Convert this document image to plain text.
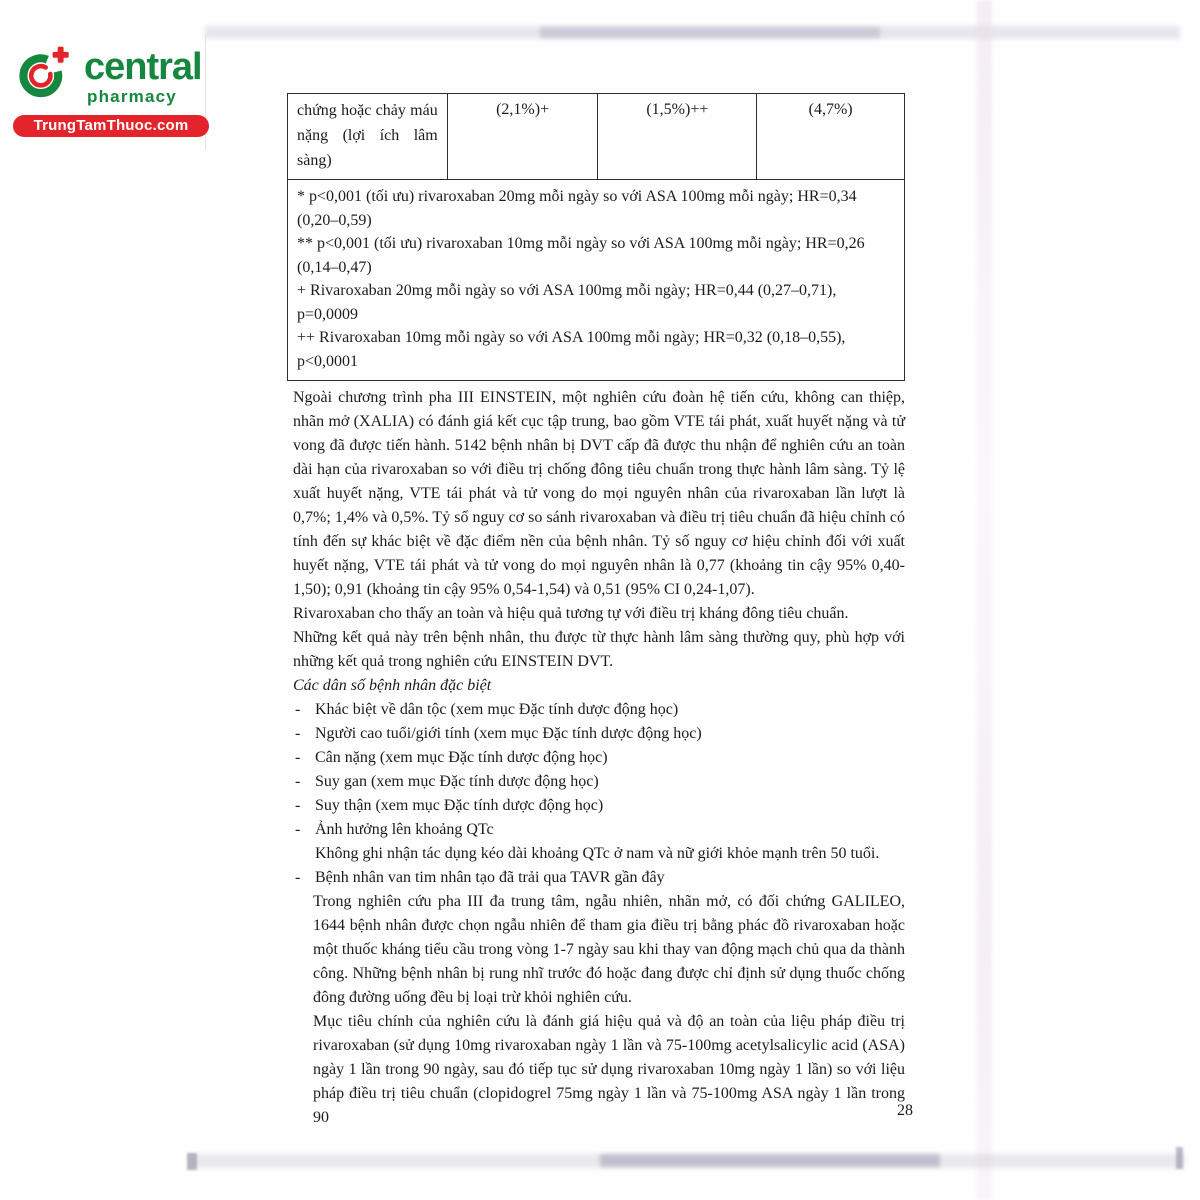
central
pharmacy
TrungTamThuoc.com
chứng hoặc chảy máu nặng (lợi ích lâm sàng)	(2,1%)+	(1,5%)++	(4,7%)

* p<0,001 (tối ưu) rivaroxaban 20mg mỗi ngày so với ASA 100mg mỗi ngày; HR=0,34 (0,20–0,59)
** p<0,001 (tối ưu) rivaroxaban 10mg mỗi ngày so với ASA 100mg mỗi ngày; HR=0,26 (0,14–0,47)
+ Rivaroxaban 20mg mỗi ngày so với ASA 100mg mỗi ngày; HR=0,44 (0,27–0,71), p=0,0009
++ Rivaroxaban 10mg mỗi ngày so với ASA 100mg mỗi ngày; HR=0,32 (0,18–0,55), p<0,0001

Ngoài chương trình pha III EINSTEIN, một nghiên cứu đoàn hệ tiến cứu, không can thiệp, nhãn mở (XALIA) có đánh giá kết cục tập trung, bao gồm VTE tái phát, xuất huyết nặng và tử vong đã được tiến hành. 5142 bệnh nhân bị DVT cấp đã được thu nhận để nghiên cứu an toàn dài hạn của rivaroxaban so với điều trị chống đông tiêu chuẩn trong thực hành lâm sàng. Tỷ lệ xuất huyết nặng, VTE tái phát và tử vong do mọi nguyên nhân của rivaroxaban lần lượt là 0,7%; 1,4% và 0,5%. Tỷ số nguy cơ so sánh rivaroxaban và điều trị tiêu chuẩn đã hiệu chỉnh có tính đến sự khác biệt về đặc điểm nền của bệnh nhân. Tỷ số nguy cơ hiệu chỉnh đối với xuất huyết nặng, VTE tái phát và tử vong do mọi nguyên nhân là 0,77 (khoảng tin cậy 95% 0,40-1,50); 0,91 (khoảng tin cậy 95% 0,54-1,54) và 0,51 (95% CI 0,24-1,07).

Rivaroxaban cho thấy an toàn và hiệu quả tương tự với điều trị kháng đông tiêu chuẩn.

Những kết quả này trên bệnh nhân, thu được từ thực hành lâm sàng thường quy, phù hợp với những kết quả trong nghiên cứu EINSTEIN DVT.

Các dân số bệnh nhân đặc biệt

- Khác biệt về dân tộc (xem mục Đặc tính dược động học)
- Người cao tuổi/giới tính (xem mục Đặc tính dược động học)
- Cân nặng (xem mục Đặc tính dược động học)
- Suy gan (xem mục Đặc tính dược động học)
- Suy thận (xem mục Đặc tính dược động học)
- Ảnh hưởng lên khoảng QTc
Không ghi nhận tác dụng kéo dài khoảng QTc ở nam và nữ giới khỏe mạnh trên 50 tuổi.
- Bệnh nhân van tim nhân tạo đã trải qua TAVR gần đây
Trong nghiên cứu pha III đa trung tâm, ngẫu nhiên, nhãn mở, có đối chứng GALILEO, 1644 bệnh nhân được chọn ngẫu nhiên để tham gia điều trị bằng phác đồ rivaroxaban hoặc một thuốc kháng tiểu cầu trong vòng 1-7 ngày sau khi thay van động mạch chủ qua da thành công. Những bệnh nhân bị rung nhĩ trước đó hoặc đang được chỉ định sử dụng thuốc chống đông đường uống đều bị loại trừ khỏi nghiên cứu.
Mục tiêu chính của nghiên cứu là đánh giá hiệu quả và độ an toàn của liệu pháp điều trị rivaroxaban (sử dụng 10mg rivaroxaban ngày 1 lần và 75-100mg acetylsalicylic acid (ASA) ngày 1 lần trong 90 ngày, sau đó tiếp tục sử dụng rivaroxaban 10mg ngày 1 lần) so với liệu pháp điều trị tiêu chuẩn (clopidogrel 75mg ngày 1 lần và 75-100mg ASA ngày 1 lần trong 90	28
